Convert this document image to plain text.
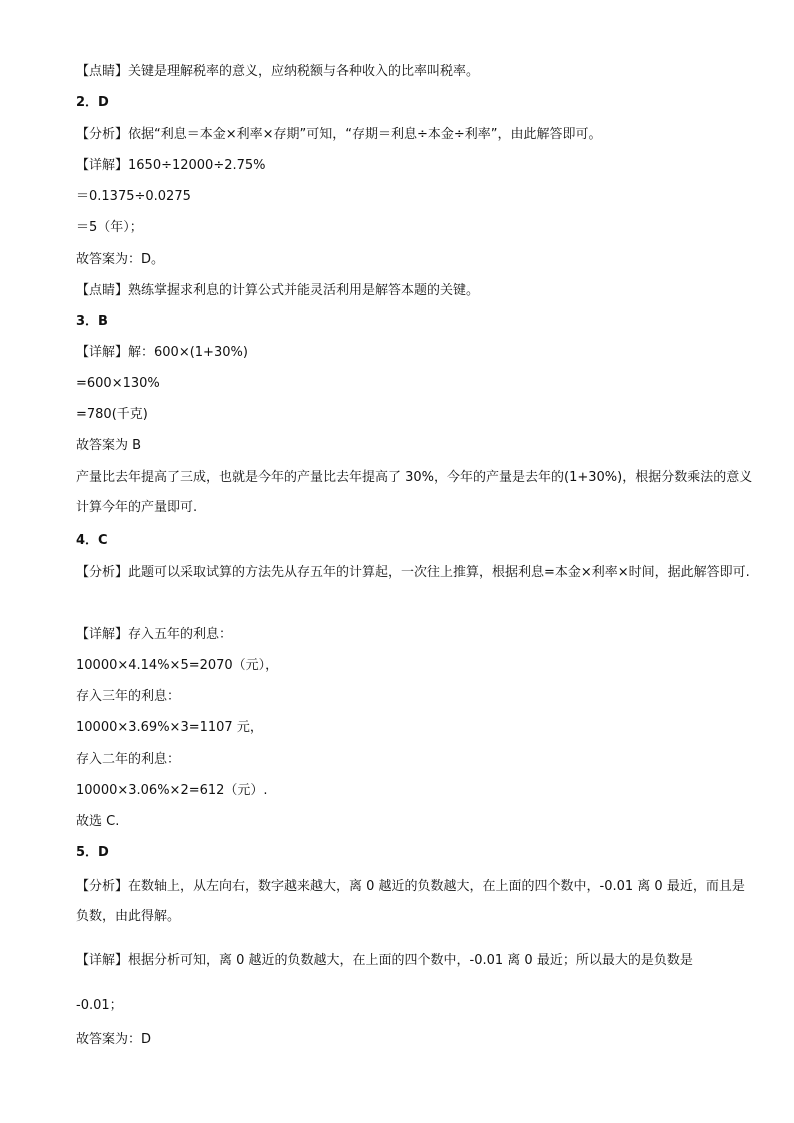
【点睛】关键是理解税率的意义，应纳税额与各种收入的比率叫税率。

2．D

【分析】依据“利息＝本金×利率×存期”可知，“存期＝利息÷本金÷利率”，由此解答即可。

【详解】1650÷12000÷2.75%

＝0.1375÷0.0275

＝5（年）；

故答案为：D。

【点睛】熟练掌握求利息的计算公式并能灵活利用是解答本题的关键。

3．B

【详解】解：600×(1+30%)

=600×130%

=780(千克)

故答案为 B

产量比去年提高了三成，也就是今年的产量比去年提高了 30%，今年的产量是去年的(1+30%)，根据分数乘法的意义计算今年的产量即可.

4．C

【分析】此题可以采取试算的方法先从存五年的计算起，一次往上推算，根据利息=本金×利率×时间，据此解答即可.

【详解】存入五年的利息：

10000×4.14%×5=2070（元），

存入三年的利息：

10000×3.69%×3=1107 元，

存入二年的利息：

10000×3.06%×2=612（元）.

故选 C.

5．D

【分析】在数轴上，从左向右，数字越来越大，离 0 越近的负数越大，在上面的四个数中，-0.01 离 0 最近，而且是负数，由此得解。

【详解】根据分析可知，离 0 越近的负数越大，在上面的四个数中，-0.01 离 0 最近；所以最大的是负数是

-0.01；

故答案为：D
